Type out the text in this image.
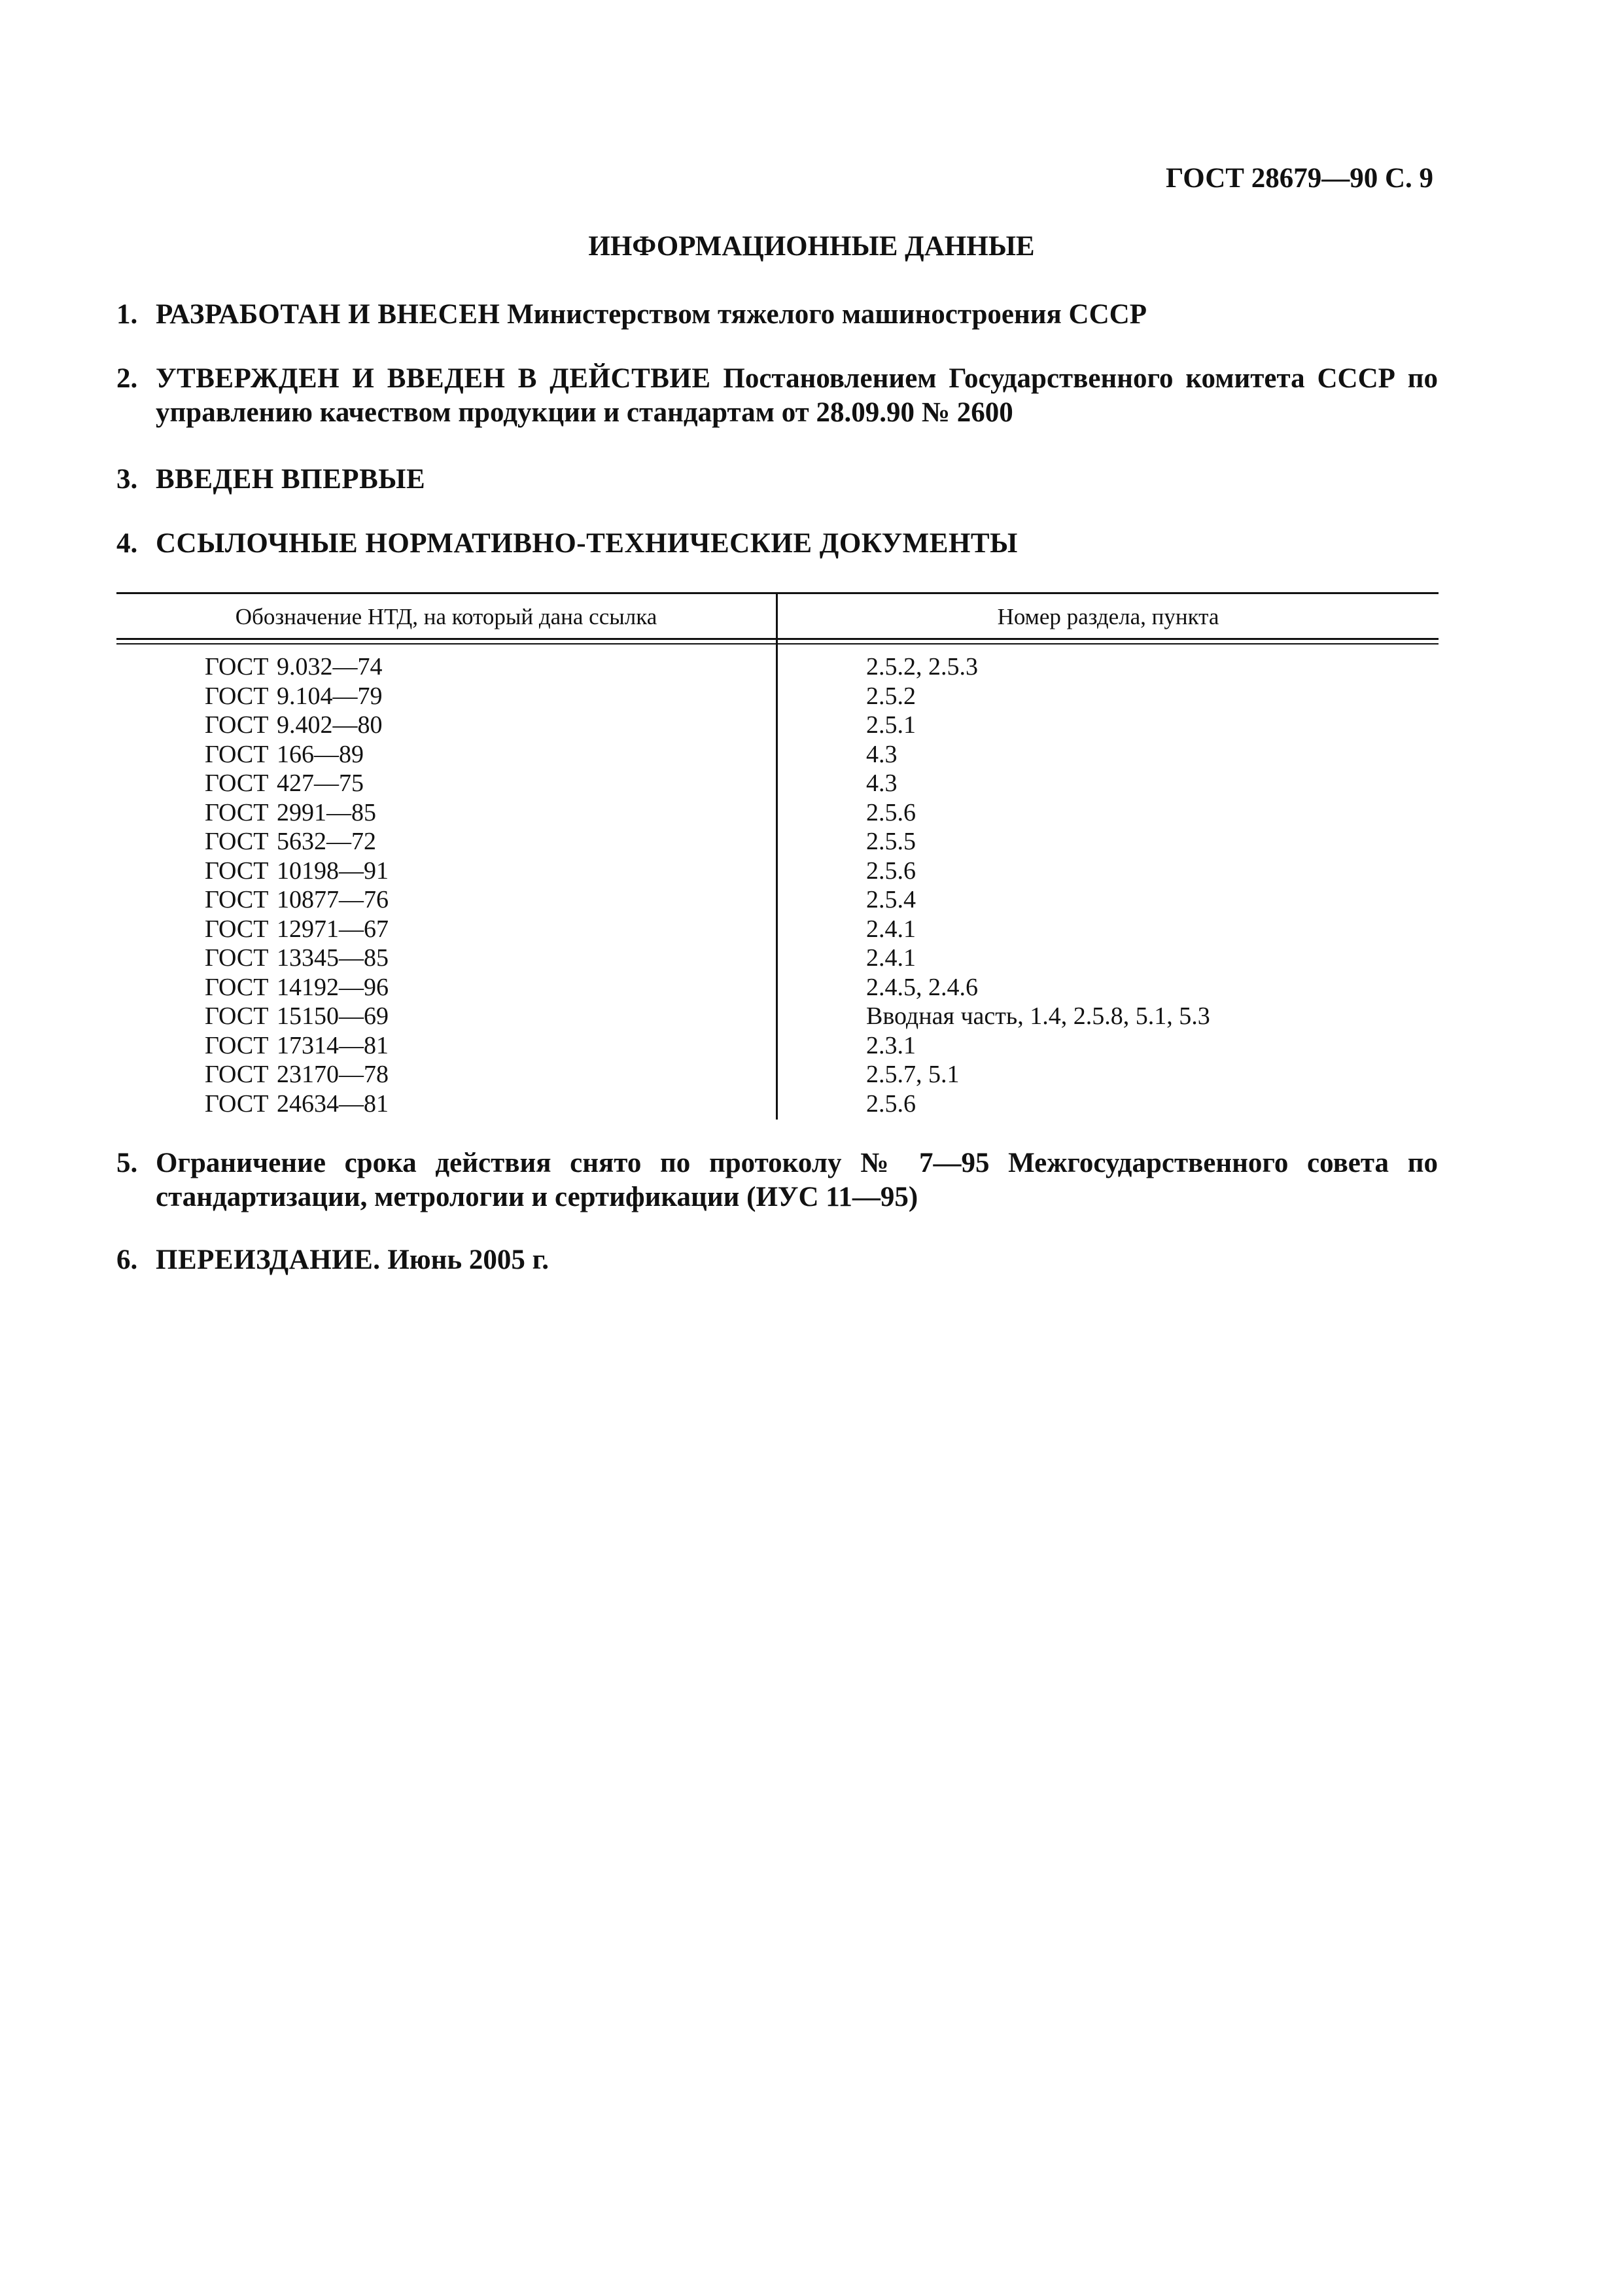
ГОСТ 28679—90 С. 9
ИНФОРМАЦИОННЫЕ ДАННЫЕ
1. РАЗРАБОТАН И ВНЕСЕН Министерством тяжелого машиностроения СССР
2. УТВЕРЖДЕН И ВВЕДЕН В ДЕЙСТВИЕ Постановлением Государственного комитета СССР по управлению качеством продукции и стандартам от 28.09.90 № 2600
3. ВВЕДЕН ВПЕРВЫЕ
4. ССЫЛОЧНЫЕ НОРМАТИВНО-ТЕХНИЧЕСКИЕ ДОКУМЕНТЫ
Обозначение НТД, на который дана ссылка	Номер раздела, пункта
ГОСТ 9.032—74	2.5.2, 2.5.3
ГОСТ 9.104—79	2.5.2
ГОСТ 9.402—80	2.5.1
ГОСТ 166—89	4.3
ГОСТ 427—75	4.3
ГОСТ 2991—85	2.5.6
ГОСТ 5632—72	2.5.5
ГОСТ 10198—91	2.5.6
ГОСТ 10877—76	2.5.4
ГОСТ 12971—67	2.4.1
ГОСТ 13345—85	2.4.1
ГОСТ 14192—96	2.4.5, 2.4.6
ГОСТ 15150—69	Вводная часть, 1.4, 2.5.8, 5.1, 5.3
ГОСТ 17314—81	2.3.1
ГОСТ 23170—78	2.5.7, 5.1
ГОСТ 24634—81	2.5.6
5. Ограничение срока действия снято по протоколу № 7—95 Межгосударственного совета по стандартизации, метрологии и сертификации (ИУС 11—95)
6. ПЕРЕИЗДАНИЕ. Июнь 2005 г.
